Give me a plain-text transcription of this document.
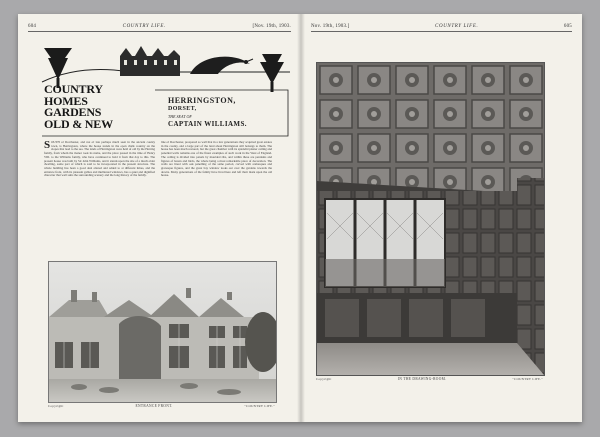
604	COUNTRY LIFE.	[Nov. 19th, 1903.
COUNTRY
HOMES
GARDENS
OLD & NEW
HERRINGSTON,
DORSET,
THE SEAT OF
CAPTAIN WILLIAMS.
S OUTH of Dorchester, and not of late perhaps much seen in the ancient county town, is Herringston, where the house stands in the open chalk country on the slopes that lead to the sea. The lands of Herringston were held of old by the Herring family, from whom the manor took its name, and the place passed in the time of Henry VIII. to the Williams family, who have continued to hold it from that day to this. The present house was built by Sir John Williams, and it stands upon the site of a much older dwelling, some part of which is said to be incorporated in the present structure. The whole building has been a good deal altered and added to at different times, and the entrance front, with its pleasant gables and mullioned windows, has a quiet and dignified character that well suits the surrounding scenery and the long history of the family.
line of Dorchester, prospered so well that in a few generations they acquired great estates in the county, and a large part of the land about Herringston still belongs to them. The house has been much restored, but the great chamber with its splendid plaster ceiling and panelled walls remains one of the finest examples of such work in the West of England. The ceiling is divided into panels by moulded ribs, and within these are pendants and figures of beasts and birds, the whole being a most remarkable piece of decoration. The walls are lined with oak panelling of the same period, carved with arabesques and grotesque figures, and the great bay window looks out over the gardens towards the downs. Many generations of the family have lived here and left their mark upon the old house.
Copyright	ENTRANCE FRONT.	"COUNTRY LIFE."
Nov. 19th, 1903.]	COUNTRY LIFE.	605
Copyright	IN THE DRAWING-ROOM.	"COUNTRY LIFE."
